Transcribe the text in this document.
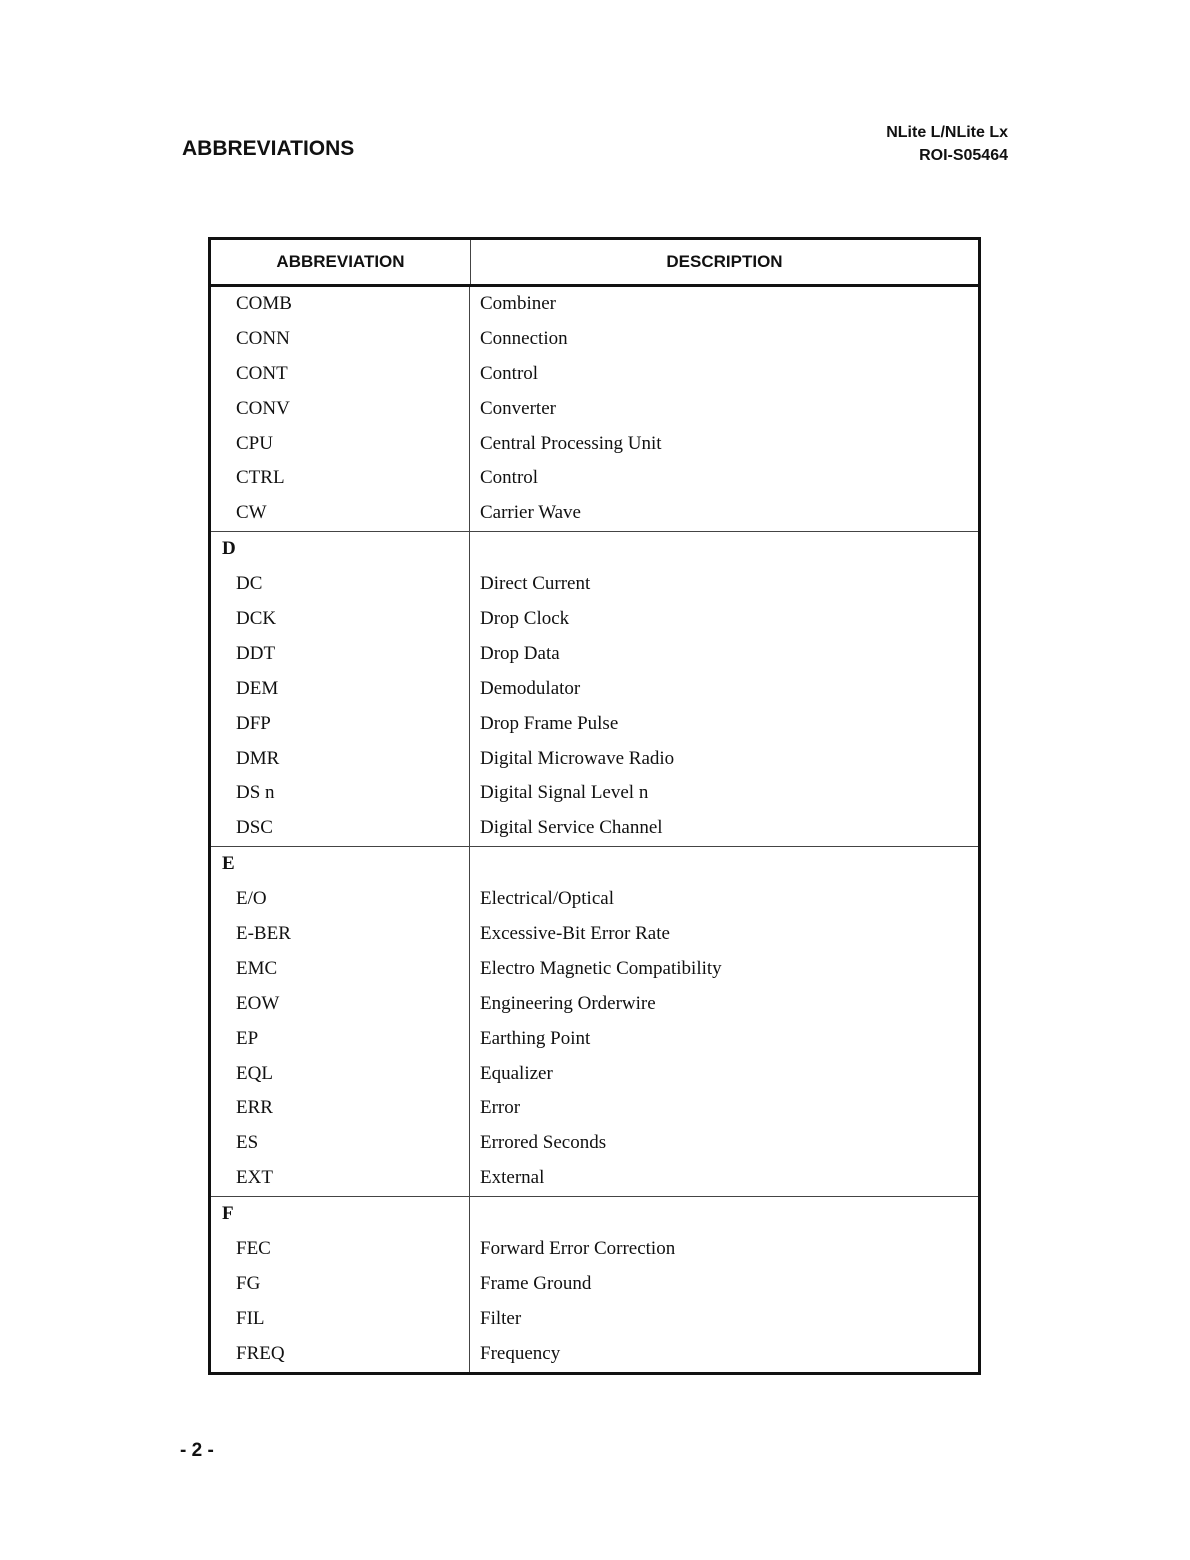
ABBREVIATIONS
NLite L/NLite Lx
ROI-S05464
ABBREVIATION	DESCRIPTION
COMB
CONN
CONT
CONV
CPU
CTRL
CW
Combiner
Connection
Control
Converter
Central Processing Unit
Control
Carrier Wave
D
DC
DCK
DDT
DEM
DFP
DMR
DS n
DSC
Direct Current
Drop Clock
Drop Data
Demodulator
Drop Frame Pulse
Digital Microwave Radio
Digital Signal Level n
Digital Service Channel
E
E/O
E-BER
EMC
EOW
EP
EQL
ERR
ES
EXT
Electrical/Optical
Excessive-Bit Error Rate
Electro Magnetic Compatibility
Engineering Orderwire
Earthing Point
Equalizer
Error
Errored Seconds
External
F
FEC
FG
FIL
FREQ
Forward Error Correction
Frame Ground
Filter
Frequency
- 2 -
